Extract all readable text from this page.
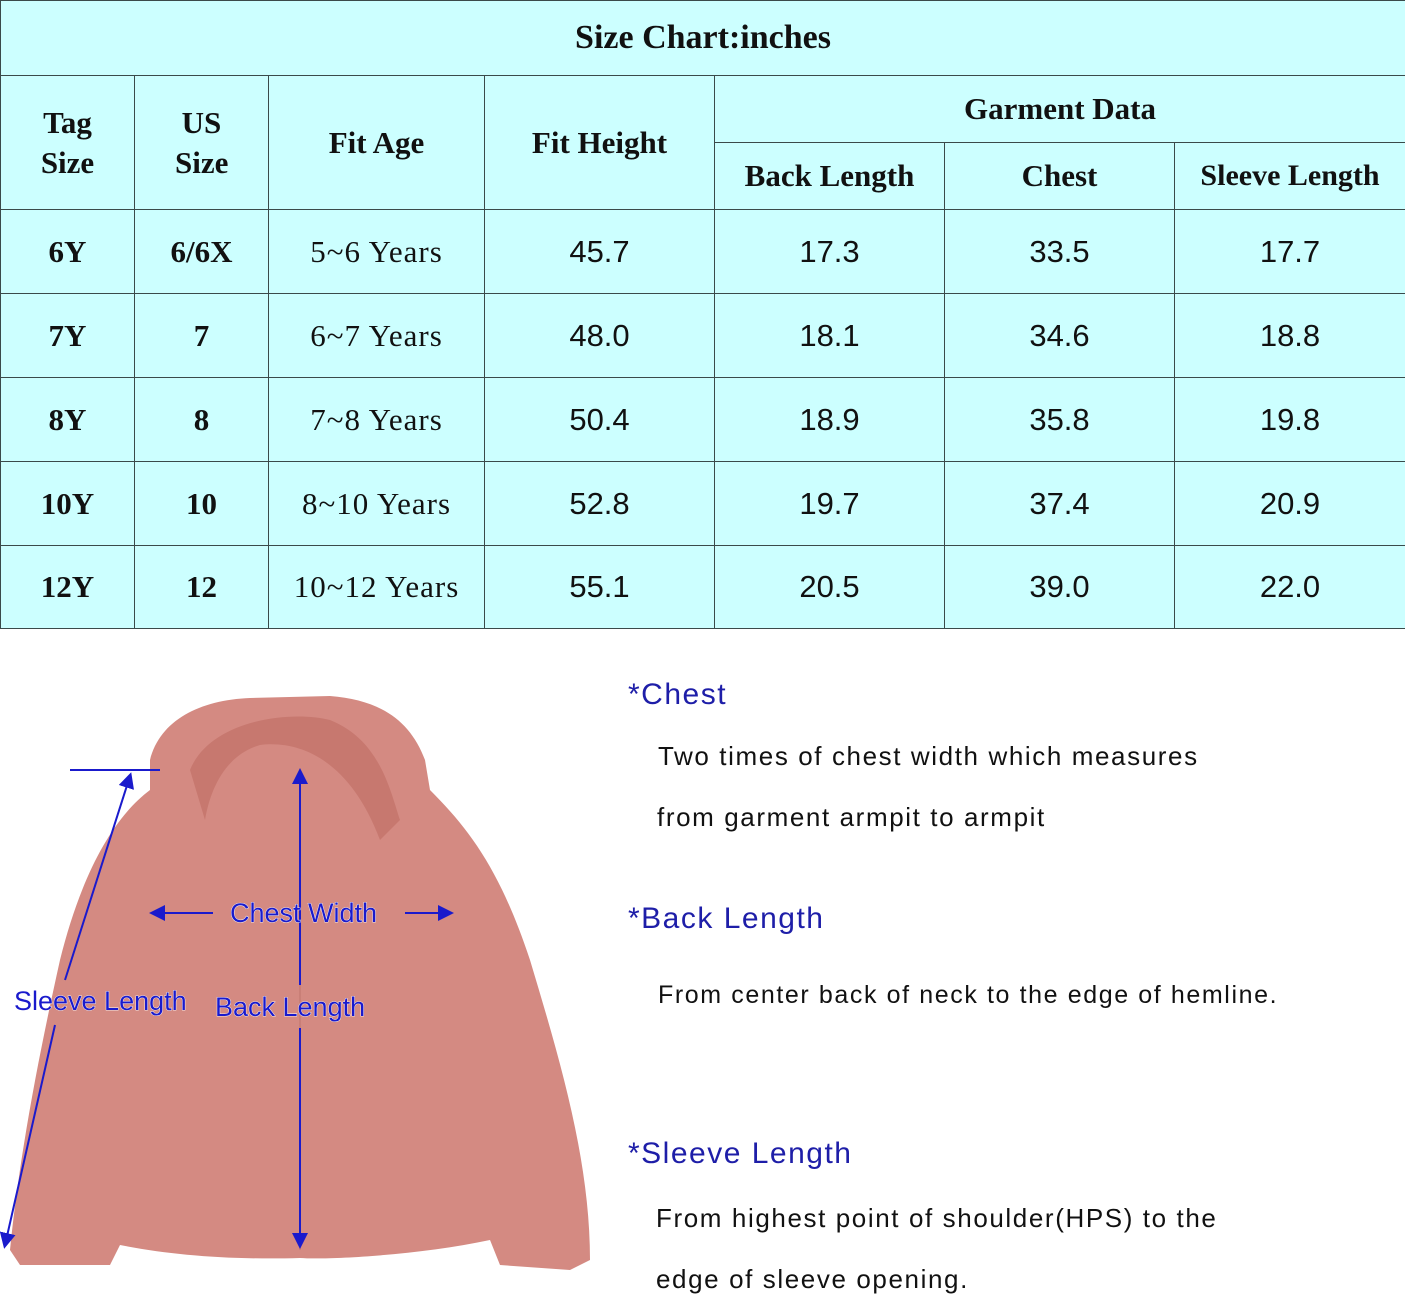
Size Chart:inches						
Tag Size	US Size	Fit Age	Fit Height	Garment Data		
				Back Length	Chest	Sleeve Length
6Y	6/6X	5~6 Years	45.7	17.3	33.5	17.7
7Y	7	6~7 Years	48.0	18.1	34.6	18.8
8Y	8	7~8 Years	50.4	18.9	35.8	19.8
10Y	10	8~10 Years	52.8	19.7	37.4	20.9
12Y	12	10~12 Years	55.1	20.5	39.0	22.0
Chest Width
Sleeve Length Back Length
*Chest
Two times of chest width which measures
from garment armpit to armpit
*Back Length
From center back of neck to the edge of hemline.
*Sleeve Length
From highest point of shoulder(HPS) to the
edge of sleeve opening.
